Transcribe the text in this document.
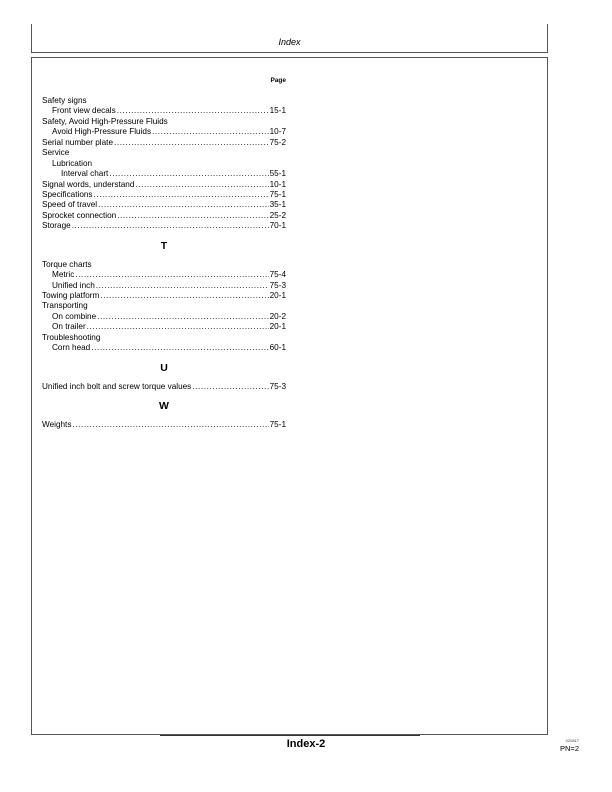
Index
Page
Safety signs
Front view decals .....	15-1
Safety, Avoid High-Pressure Fluids
Avoid High-Pressure Fluids .....	10-7
Serial number plate .....	75-2
Service
Lubrication
Interval chart .....	55-1
Signal words, understand .....	10-1
Specifications .....	75-1
Speed of travel .....	35-1
Sprocket connection .....	25-2
Storage .....	70-1
T
Torque charts
Metric .....	75-4
Unified inch .....	75-3
Towing platform .....	20-1
Transporting
On combine .....	20-2
On trailer .....	20-1
Troubleshooting
Corn head .....	60-1
U
Unified inch bolt and screw torque values .....	75-3
W
Weights .....	75-1
Index-2	020817
PN=2
